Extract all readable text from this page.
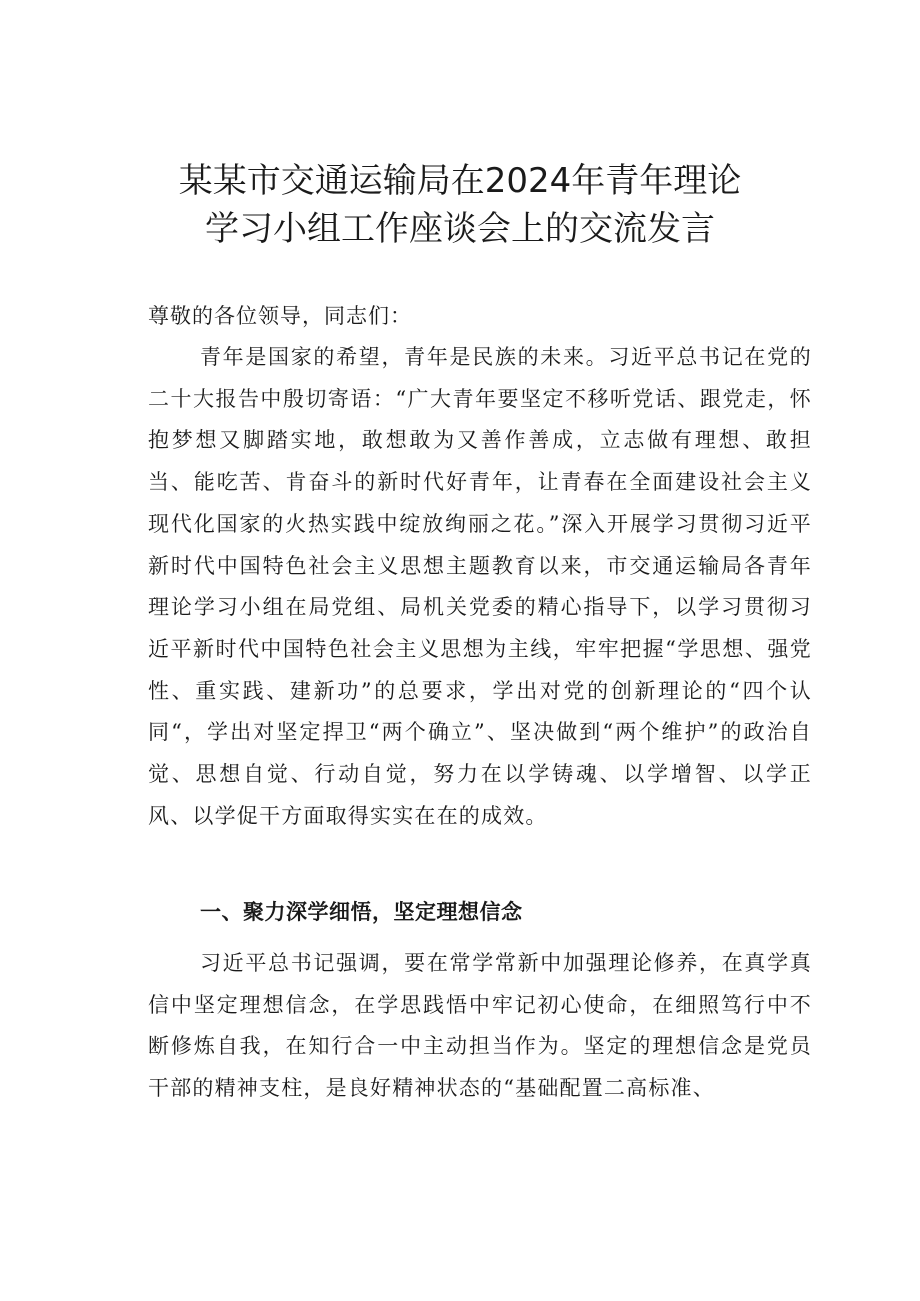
某某市交通运输局在2024年青年理论
学习小组工作座谈会上的交流发言

尊敬的各位领导，同志们：

青年是国家的希望，青年是民族的未来。习近平总书记在党的二十大报告中殷切寄语：“广大青年要坚定不移听党话、跟党走，怀抱梦想又脚踏实地，敢想敢为又善作善成，立志做有理想、敢担当、能吃苦、肯奋斗的新时代好青年，让青春在全面建设社会主义现代化国家的火热实践中绽放绚丽之花。”深入开展学习贯彻习近平新时代中国特色社会主义思想主题教育以来，市交通运输局各青年理论学习小组在局党组、局机关党委的精心指导下，以学习贯彻习近平新时代中国特色社会主义思想为主线，牢牢把握“学思想、强党性、重实践、建新功”的总要求，学出对党的创新理论的“四个认同“，学出对坚定捍卫“两个确立”、坚决做到“两个维护”的政治自觉、思想自觉、行动自觉，努力在以学铸魂、以学增智、以学正风、以学促干方面取得实实在在的成效。

一、聚力深学细悟，坚定理想信念

习近平总书记强调，要在常学常新中加强理论修养，在真学真信中坚定理想信念，在学思践悟中牢记初心使命，在细照笃行中不断修炼自我，在知行合一中主动担当作为。坚定的理想信念是党员干部的精神支柱，是良好精神状态的“基础配置二高标准、
